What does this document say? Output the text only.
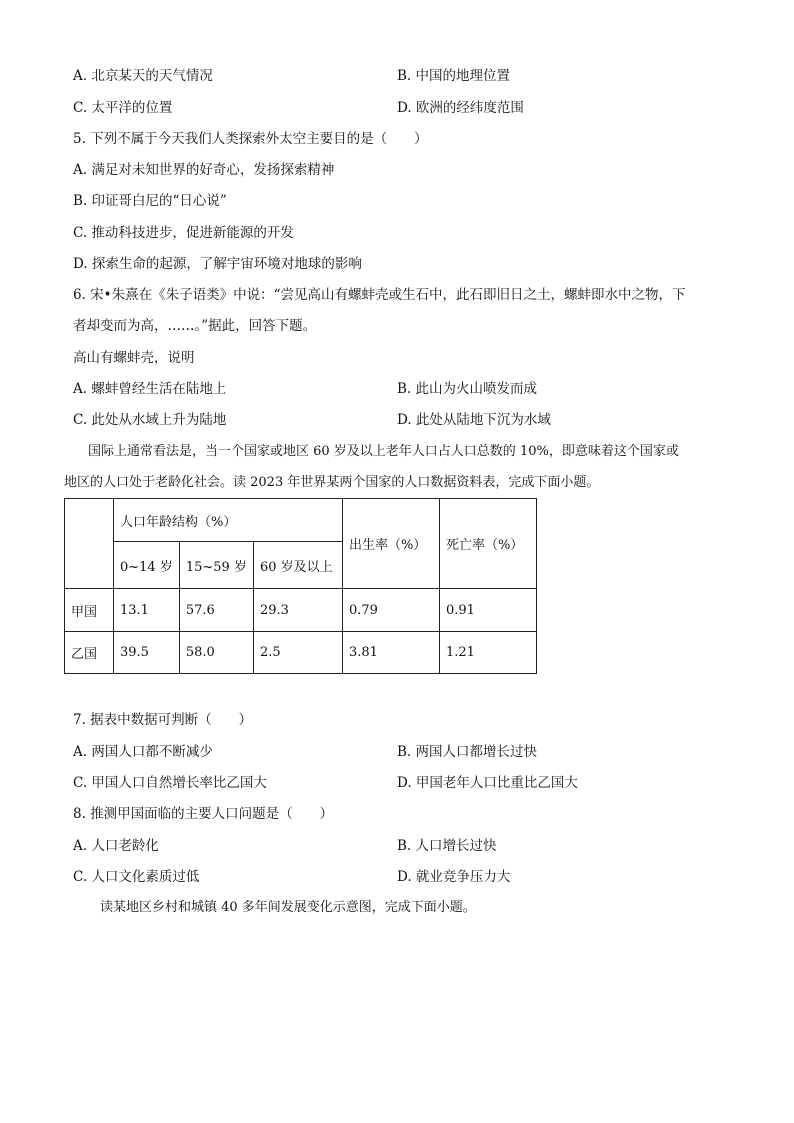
A. 北京某天的天气情况	B. 中国的地理位置
C. 太平洋的位置	D. 欧洲的经纬度范围
5. 下列不属于今天我们人类探索外太空主要目的是（　　）
A. 满足对未知世界的好奇心，发扬探索精神
B. 印证哥白尼的“日心说”
C. 推动科技进步，促进新能源的开发
D. 探索生命的起源，了解宇宙环境对地球的影响
6. 宋•朱熹在《朱子语类》中说：“尝见高山有螺蚌壳或生石中，此石即旧日之土，螺蚌即水中之物，下
者却变而为高，……。”据此，回答下题。
高山有螺蚌壳，说明
A. 螺蚌曾经生活在陆地上	B. 此山为火山喷发而成
C. 此处从水域上升为陆地	D. 此处从陆地下沉为水域
国际上通常看法是，当一个国家或地区 60 岁及以上老年人口占人口总数的 10%，即意味着这个国家或
地区的人口处于老龄化社会。读 2023 年世界某两个国家的人口数据资料表，完成下面小题。
	人口年龄结构（%）			出生率（%）	死亡率（%）
	0~14 岁	15~59 岁	60 岁及以上		
甲国	13.1	57.6	29.3	0.79	0.91
乙国	39.5	58.0	2.5	3.81	1.21
7. 据表中数据可判断（　　）
A. 两国人口都不断减少	B. 两国人口都增长过快
C. 甲国人口自然增长率比乙国大	D. 甲国老年人口比重比乙国大
8. 推测甲国面临的主要人口问题是（　　）
A. 人口老龄化	B. 人口增长过快
C. 人口文化素质过低	D. 就业竞争压力大
读某地区乡村和城镇 40 多年间发展变化示意图，完成下面小题。
